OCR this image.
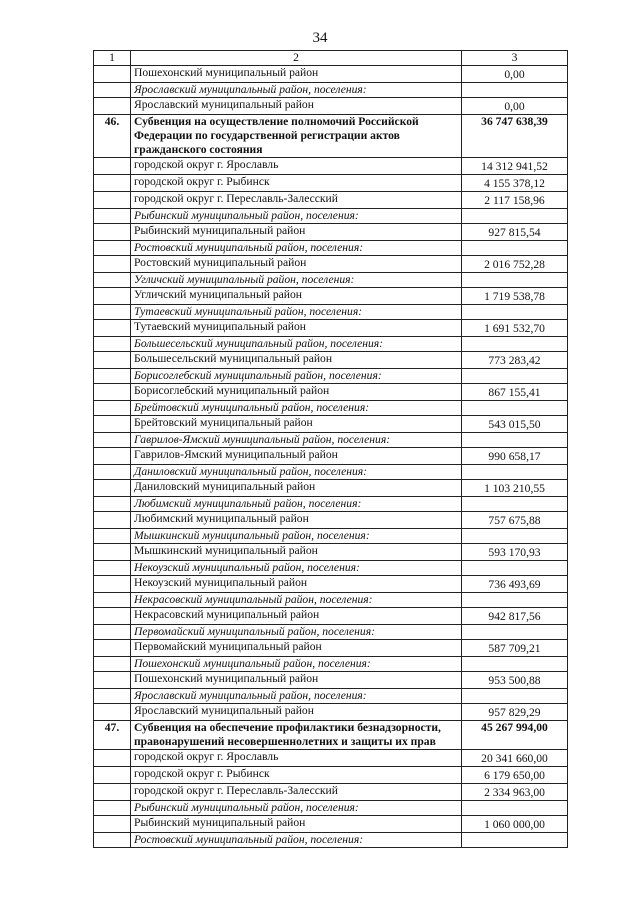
34
1	2	3
	Пошехонский муниципальный район	0,00
	Ярославский муниципальный район, поселения:	
	Ярославский муниципальный район	0,00
46.	Субвенция на осуществление полномочий Российской Федерации по государственной регистрации актов гражданского состояния	36 747 638,39
	городской округ г. Ярославль	14 312 941,52
	городской округ г. Рыбинск	4 155 378,12
	городской округ г. Переславль-Залесский	2 117 158,96
	Рыбинский муниципальный район, поселения:	
	Рыбинский муниципальный район	927 815,54
	Ростовский муниципальный район, поселения:	
	Ростовский муниципальный район	2 016 752,28
	Угличский муниципальный район, поселения:	
	Угличский муниципальный район	1 719 538,78
	Тутаевский муниципальный район, поселения:	
	Тутаевский муниципальный район	1 691 532,70
	Большесельский муниципальный район, поселения:	
	Большесельский муниципальный район	773 283,42
	Борисоглебский муниципальный район, поселения:	
	Борисоглебский муниципальный район	867 155,41
	Брейтовский муниципальный район, поселения:	
	Брейтовский муниципальный район	543 015,50
	Гаврилов-Ямский муниципальный район, поселения:	
	Гаврилов-Ямский муниципальный район	990 658,17
	Даниловский муниципальный район, поселения:	
	Даниловский муниципальный район	1 103 210,55
	Любимский муниципальный район, поселения:	
	Любимский муниципальный район	757 675,88
	Мышкинский муниципальный район, поселения:	
	Мышкинский муниципальный район	593 170,93
	Некоузский муниципальный район, поселения:	
	Некоузский муниципальный район	736 493,69
	Некрасовский муниципальный район, поселения:	
	Некрасовский муниципальный район	942 817,56
	Первомайский муниципальный район, поселения:	
	Первомайский муниципальный район	587 709,21
	Пошехонский муниципальный район, поселения:	
	Пошехонский муниципальный район	953 500,88
	Ярославский муниципальный район, поселения:	
	Ярославский муниципальный район	957 829,29
47.	Субвенция на обеспечение профилактики безнадзорности, правонарушений несовершеннолетних и защиты их прав	45 267 994,00
	городской округ г. Ярославль	20 341 660,00
	городской округ г. Рыбинск	6 179 650,00
	городской округ г. Переславль-Залесский	2 334 963,00
	Рыбинский муниципальный район, поселения:	
	Рыбинский муниципальный район	1 060 000,00
	Ростовский муниципальный район, поселения:	
